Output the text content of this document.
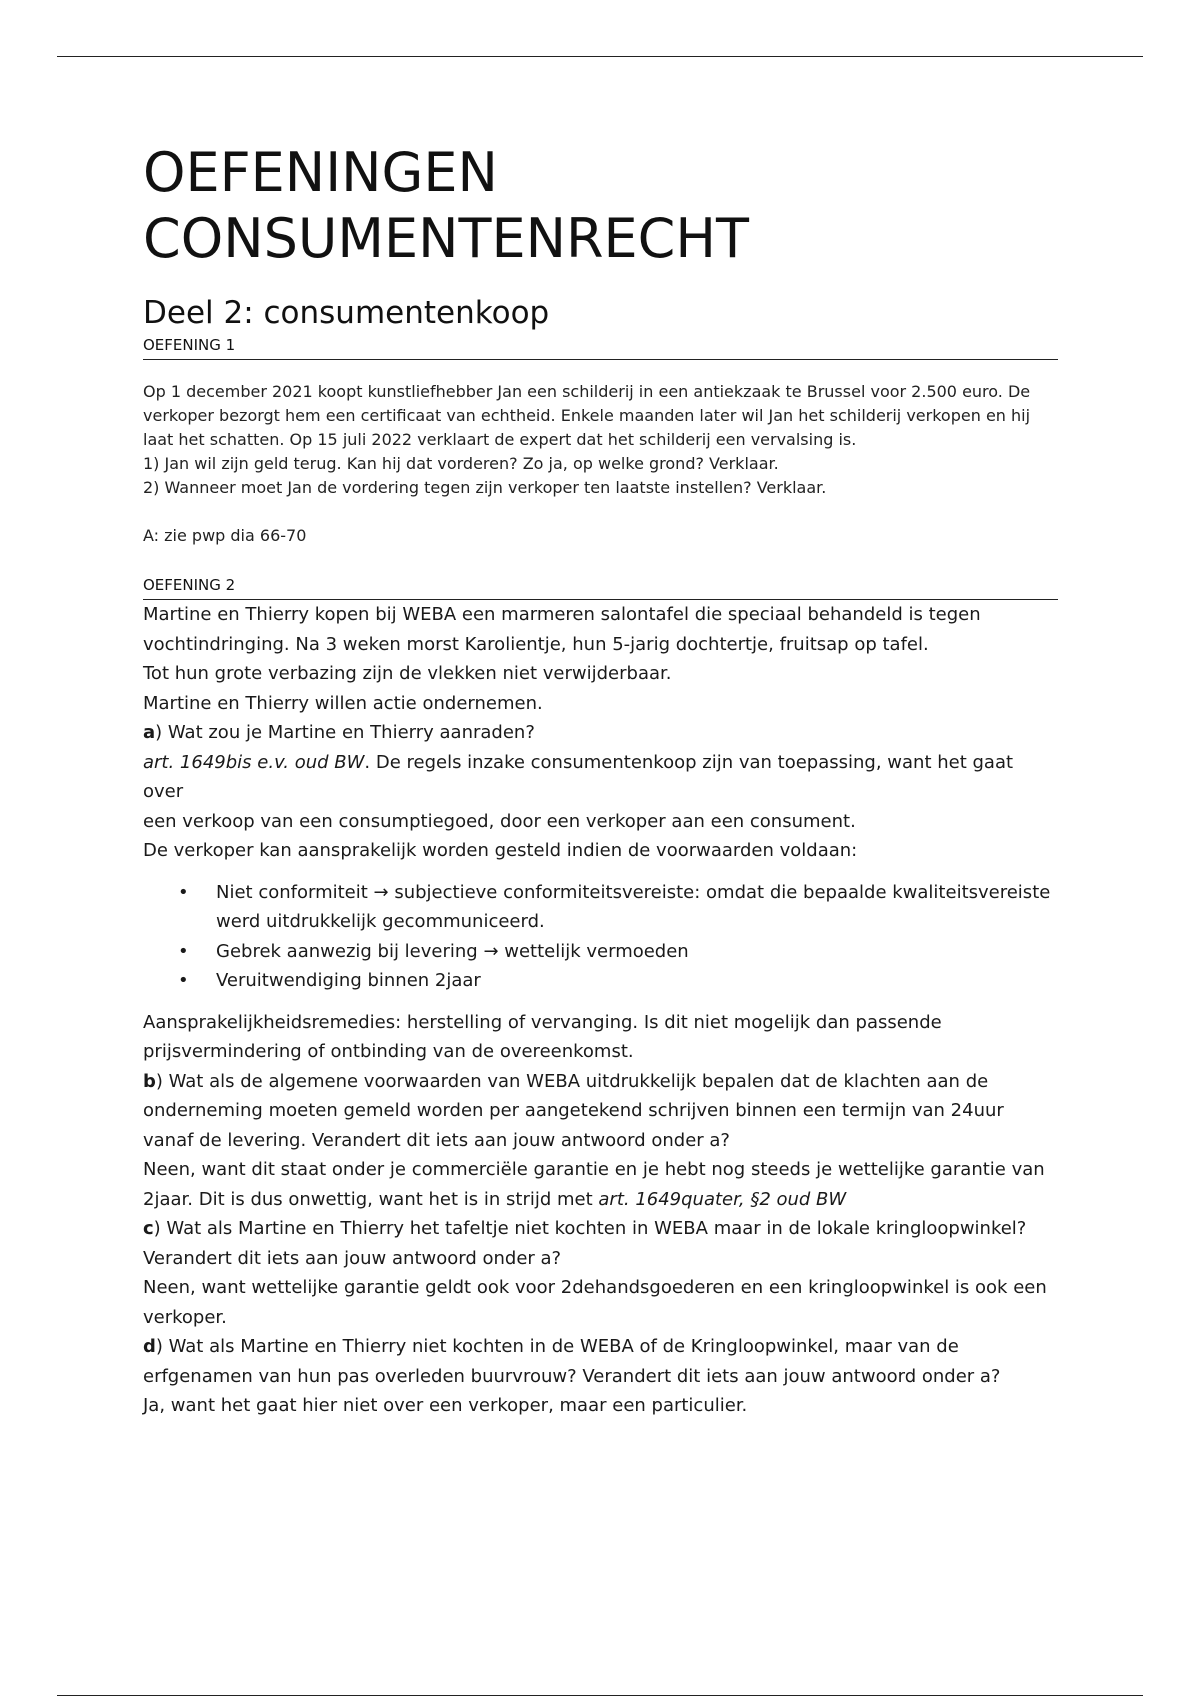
OEFENINGEN
CONSUMENTENRECHT
Deel 2: consumentenkoop
OEFENING 1

Op 1 december 2021 koopt kunstliefhebber Jan een schilderij in een antiekzaak te Brussel voor 2.500 euro. De

verkoper bezorgt hem een certificaat van echtheid. Enkele maanden later wil Jan het schilderij verkopen en hij

laat het schatten. Op 15 juli 2022 verklaart de expert dat het schilderij een vervalsing is.

1) Jan wil zijn geld terug. Kan hij dat vorderen? Zo ja, op welke grond? Verklaar.

2) Wanneer moet Jan de vordering tegen zijn verkoper ten laatste instellen? Verklaar.

A: zie pwp dia 66-70
OEFENING 2

Martine en Thierry kopen bij WEBA een marmeren salontafel die speciaal behandeld is tegen

vochtindringing. Na 3 weken morst Karolientje, hun 5-jarig dochtertje, fruitsap op tafel.

Tot hun grote verbazing zijn de vlekken niet verwijderbaar.

Martine en Thierry willen actie ondernemen.

a) Wat zou je Martine en Thierry aanraden?

art. 1649bis e.v. oud BW. De regels inzake consumentenkoop zijn van toepassing, want het gaat over

een verkoop van een consumptiegoed, door een verkoper aan een consument.

De verkoper kan aansprakelijk worden gesteld indien de voorwaarden voldaan:

• Niet conformiteit → subjectieve conformiteitsvereiste: omdat die bepaalde kwaliteitsvereiste werd uitdrukkelijk gecommuniceerd.
• Gebrek aanwezig bij levering → wettelijk vermoeden
• Veruitwendiging binnen 2jaar

Aansprakelijkheidsremedies: herstelling of vervanging. Is dit niet mogelijk dan passende

prijsvermindering of ontbinding van de overeenkomst.

b) Wat als de algemene voorwaarden van WEBA uitdrukkelijk bepalen dat de klachten aan de

onderneming moeten gemeld worden per aangetekend schrijven binnen een termijn van 24uur

vanaf de levering. Verandert dit iets aan jouw antwoord onder a?

Neen, want dit staat onder je commerciële garantie en je hebt nog steeds je wettelijke garantie van

2jaar. Dit is dus onwettig, want het is in strijd met art. 1649quater, §2 oud BW

c) Wat als Martine en Thierry het tafeltje niet kochten in WEBA maar in de lokale kringloopwinkel?

Verandert dit iets aan jouw antwoord onder a?

Neen, want wettelijke garantie geldt ook voor 2dehandsgoederen en een kringloopwinkel is ook een

verkoper.

d) Wat als Martine en Thierry niet kochten in de WEBA of de Kringloopwinkel, maar van de

erfgenamen van hun pas overleden buurvrouw? Verandert dit iets aan jouw antwoord onder a?

Ja, want het gaat hier niet over een verkoper, maar een particulier.
